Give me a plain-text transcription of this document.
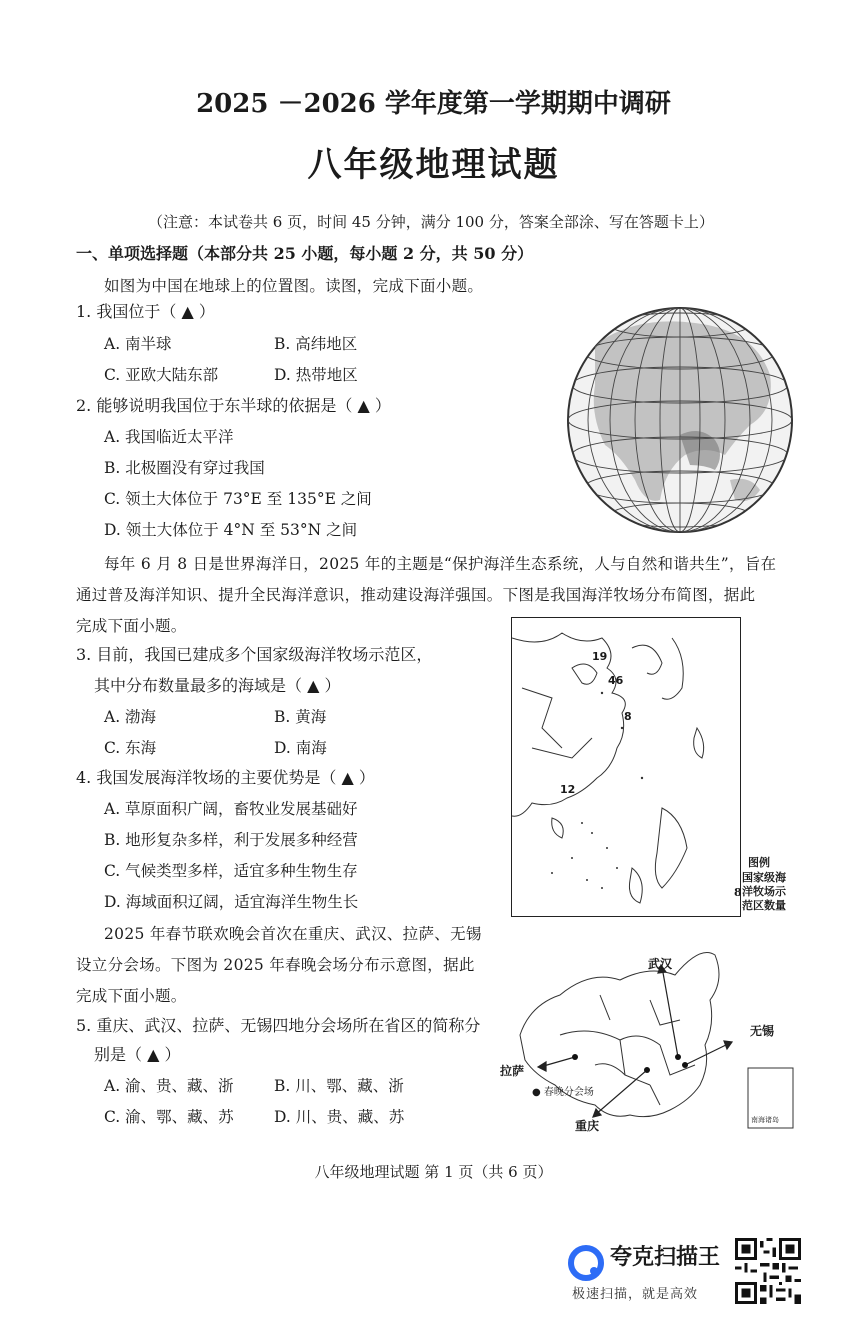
2025 －2026 学年度第一学期期中调研
八年级地理试题
（注意：本试卷共 6 页，时间 45 分钟，满分 100 分，答案全部涂、写在答题卡上）
一、单项选择题（本部分共 25 小题，每小题 2 分，共 50 分）
如图为中国在地球上的位置图。读图，完成下面小题。
1. 我国位于（ ▲ ）
A. 南半球	B. 高纬地区
C. 亚欧大陆东部	D. 热带地区
2. 能够说明我国位于东半球的依据是（ ▲ ）
A. 我国临近太平洋
B. 北极圈没有穿过我国
C. 领土大体位于 73°E 至 135°E 之间
D. 领土大体位于 4°N 至 53°N 之间
每年 6 月 8 日是世界海洋日，2025 年的主题是“保护海洋生态系统，人与自然和谐共生”，旨在
通过普及海洋知识、提升全民海洋意识，推动建设海洋强国。下图是我国海洋牧场分布简图，据此
完成下面小题。
3. 目前，我国已建成多个国家级海洋牧场示范区，
其中分布数量最多的海域是（ ▲ ）
A. 渤海	B. 黄海
C. 东海	D. 南海
4. 我国发展海洋牧场的主要优势是（ ▲ ）
A. 草原面积广阔，畜牧业发展基础好
B. 地形复杂多样，利于发展多种经营
C. 气候类型多样，适宜多种生物生存
D. 海域面积辽阔，适宜海洋生物生长
19
46
8
12
图例
国家级海
洋牧场示
范区数量
8
2025 年春节联欢晚会首次在重庆、武汉、拉萨、无锡
设立分会场。下图为 2025 年春晚会场分布示意图，据此
完成下面小题。
5. 重庆、武汉、拉萨、无锡四地分会场所在省区的简称分
别是（ ▲ ）
A. 渝、贵、藏、浙	B. 川、鄂、藏、浙
C. 渝、鄂、藏、苏	D. 川、贵、藏、苏
武汉
无锡
拉萨
重庆
● 春晚分会场
南海诸岛
八年级地理试题 第 1 页（共 6 页）
夸克扫描王
极速扫描，就是高效
